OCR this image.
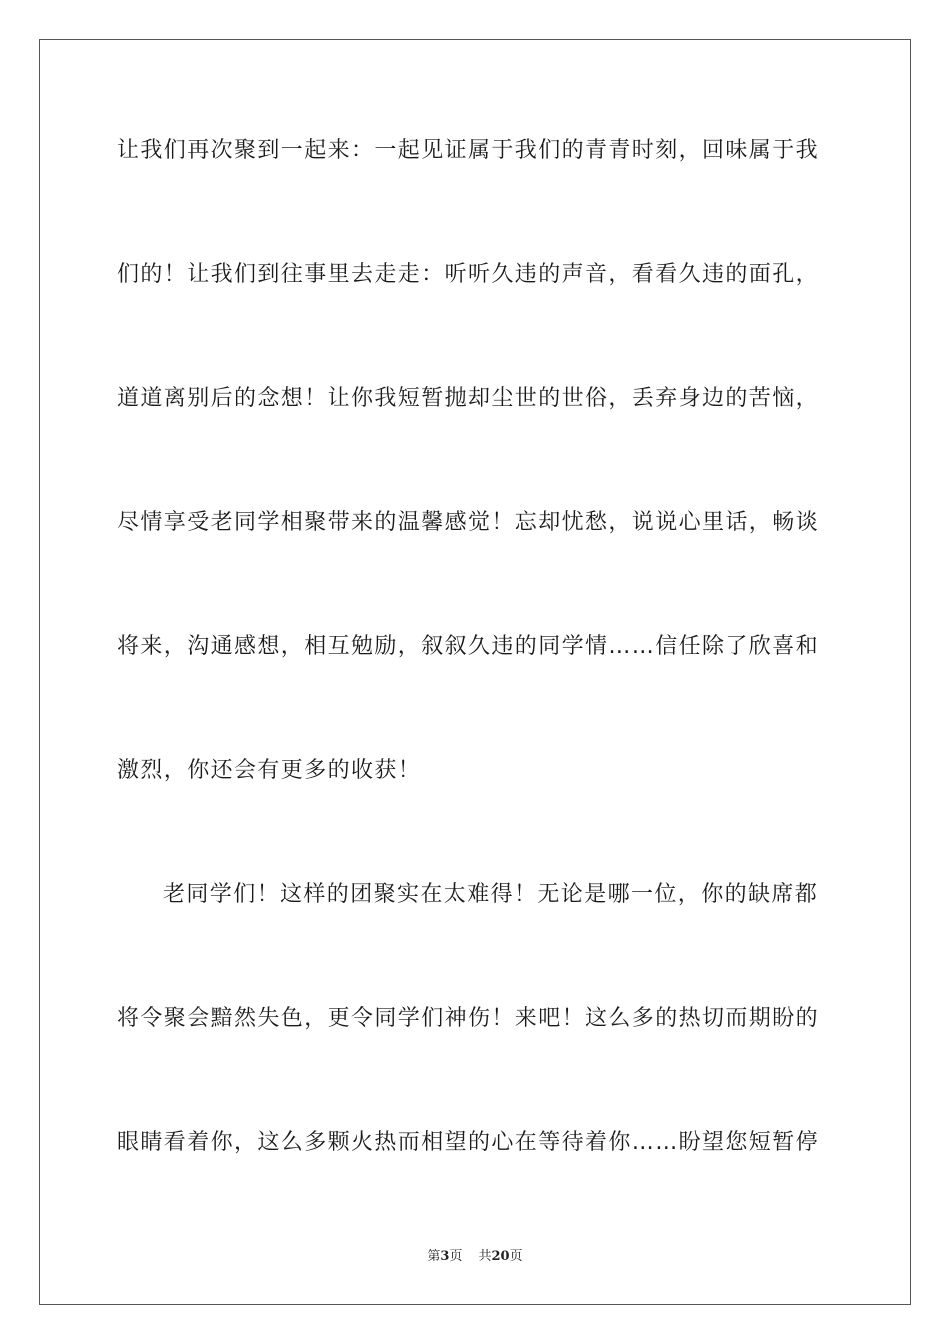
让我们再次聚到一起来：一起见证属于我们的青青时刻，回味属于我
们的！让我们到往事里去走走：听听久违的声音，看看久违的面孔，
道道离别后的念想！让你我短暂抛却尘世的世俗，丢弃身边的苦恼，
尽情享受老同学相聚带来的温馨感觉！忘却忧愁，说说心里话，畅谈
将来，沟通感想，相互勉励，叙叙久违的同学情……信任除了欣喜和
激烈，你还会有更多的收获！
老同学们！这样的团聚实在太难得！无论是哪一位，你的缺席都
将令聚会黯然失色，更令同学们神伤！来吧！这么多的热切而期盼的
眼睛看着你，这么多颗火热而相望的心在等待着你……盼望您短暂停
第3页 共20页
